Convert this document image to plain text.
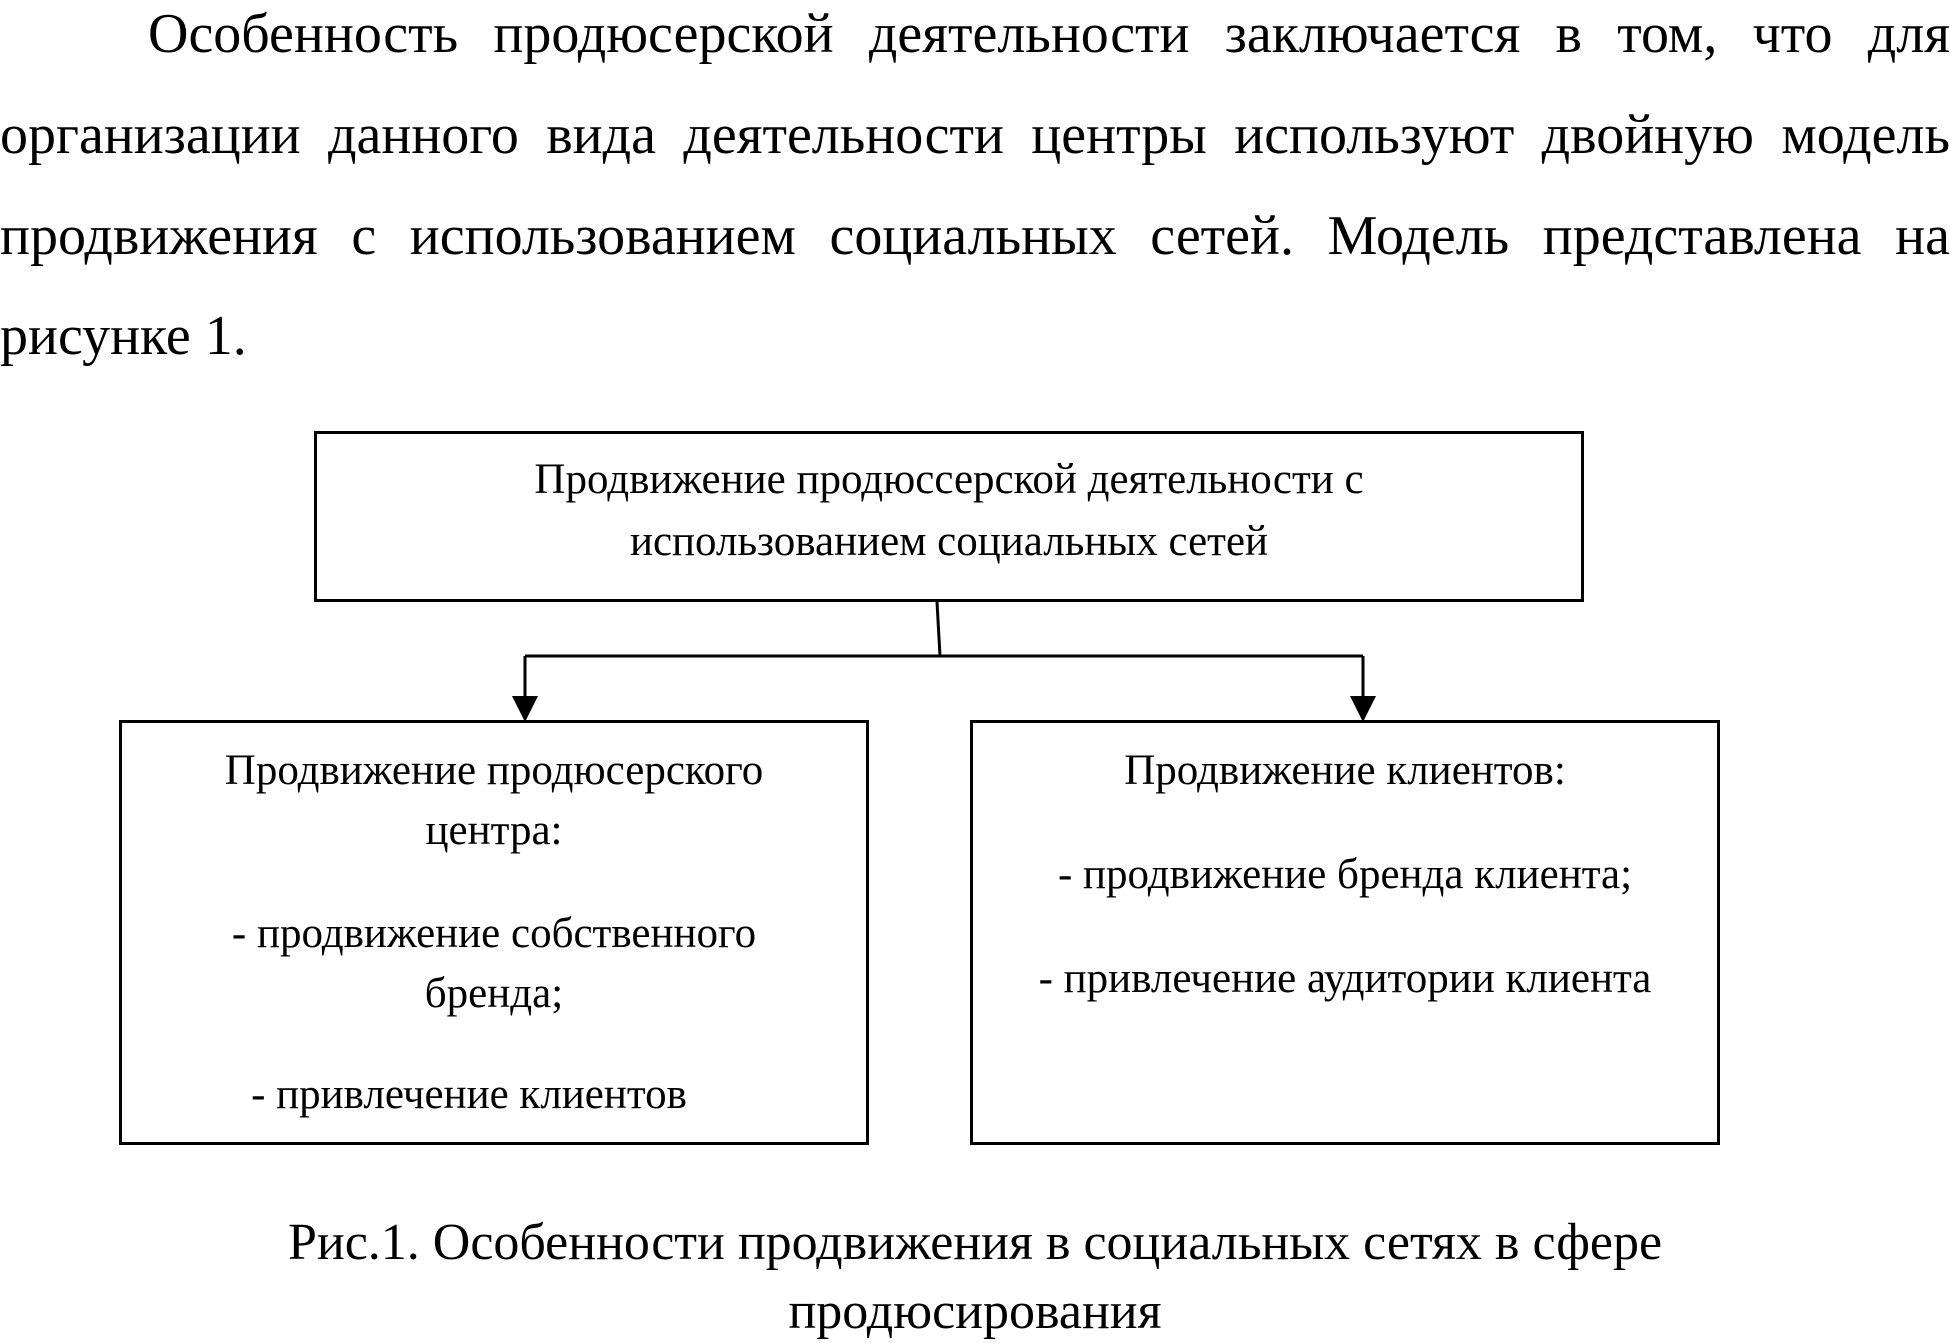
Особенность продюсерской деятельности заключается в том, что для
организации данного вида деятельности центры используют двойную модель
продвижения с использованием социальных сетей. Модель представлена на
рисунке 1.
Продвижение продюссерской деятельности с
использованием социальных сетей
Продвижение продюсерского
центра:
- продвижение собственного
бренда;
- привлечение клиентов
Продвижение клиентов:
- продвижение бренда клиента;
- привлечение аудитории клиента
Рис.1. Особенности продвижения в социальных сетях в сфере
продюсирования
